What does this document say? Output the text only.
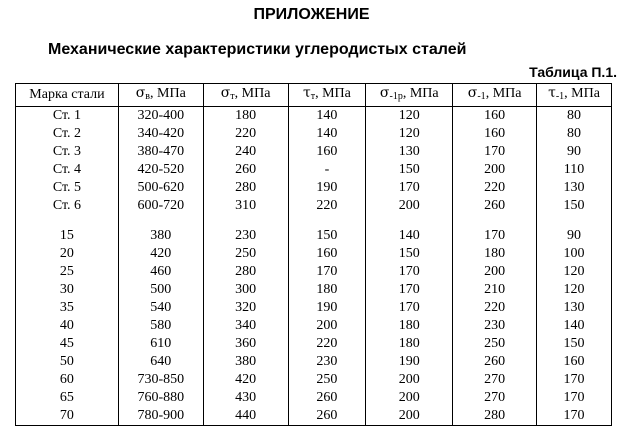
ПРИЛОЖЕНИЕ
Механические характеристики углеродистых сталей
Таблица П.1.
Марка стали	$\sigma_в$, МПа	$\sigma_т$, МПа	$\tau_т$, МПа	$\sigma_{-1р}$, МПа	$\sigma_{-1}$, МПа	$\tau_{-1}$, МПа
Ст. 1	320-400	180	140	120	160	80
Ст. 2	340-420	220	140	120	160	80
Ст. 3	380-470	240	160	130	170	90
Ст. 4	420-520	260	-	150	200	110
Ст. 5	500-620	280	190	170	220	130
Ст. 6	600-720	310	220	200	260	150

15	380	230	150	140	170	90
20	420	250	160	150	180	100
25	460	280	170	170	200	120
30	500	300	180	170	210	120
35	540	320	190	170	220	130
40	580	340	200	180	230	140
45	610	360	220	180	250	150
50	640	380	230	190	260	160
60	730-850	420	250	200	270	170
65	760-880	430	260	200	270	170
70	780-900	440	260	200	280	170
